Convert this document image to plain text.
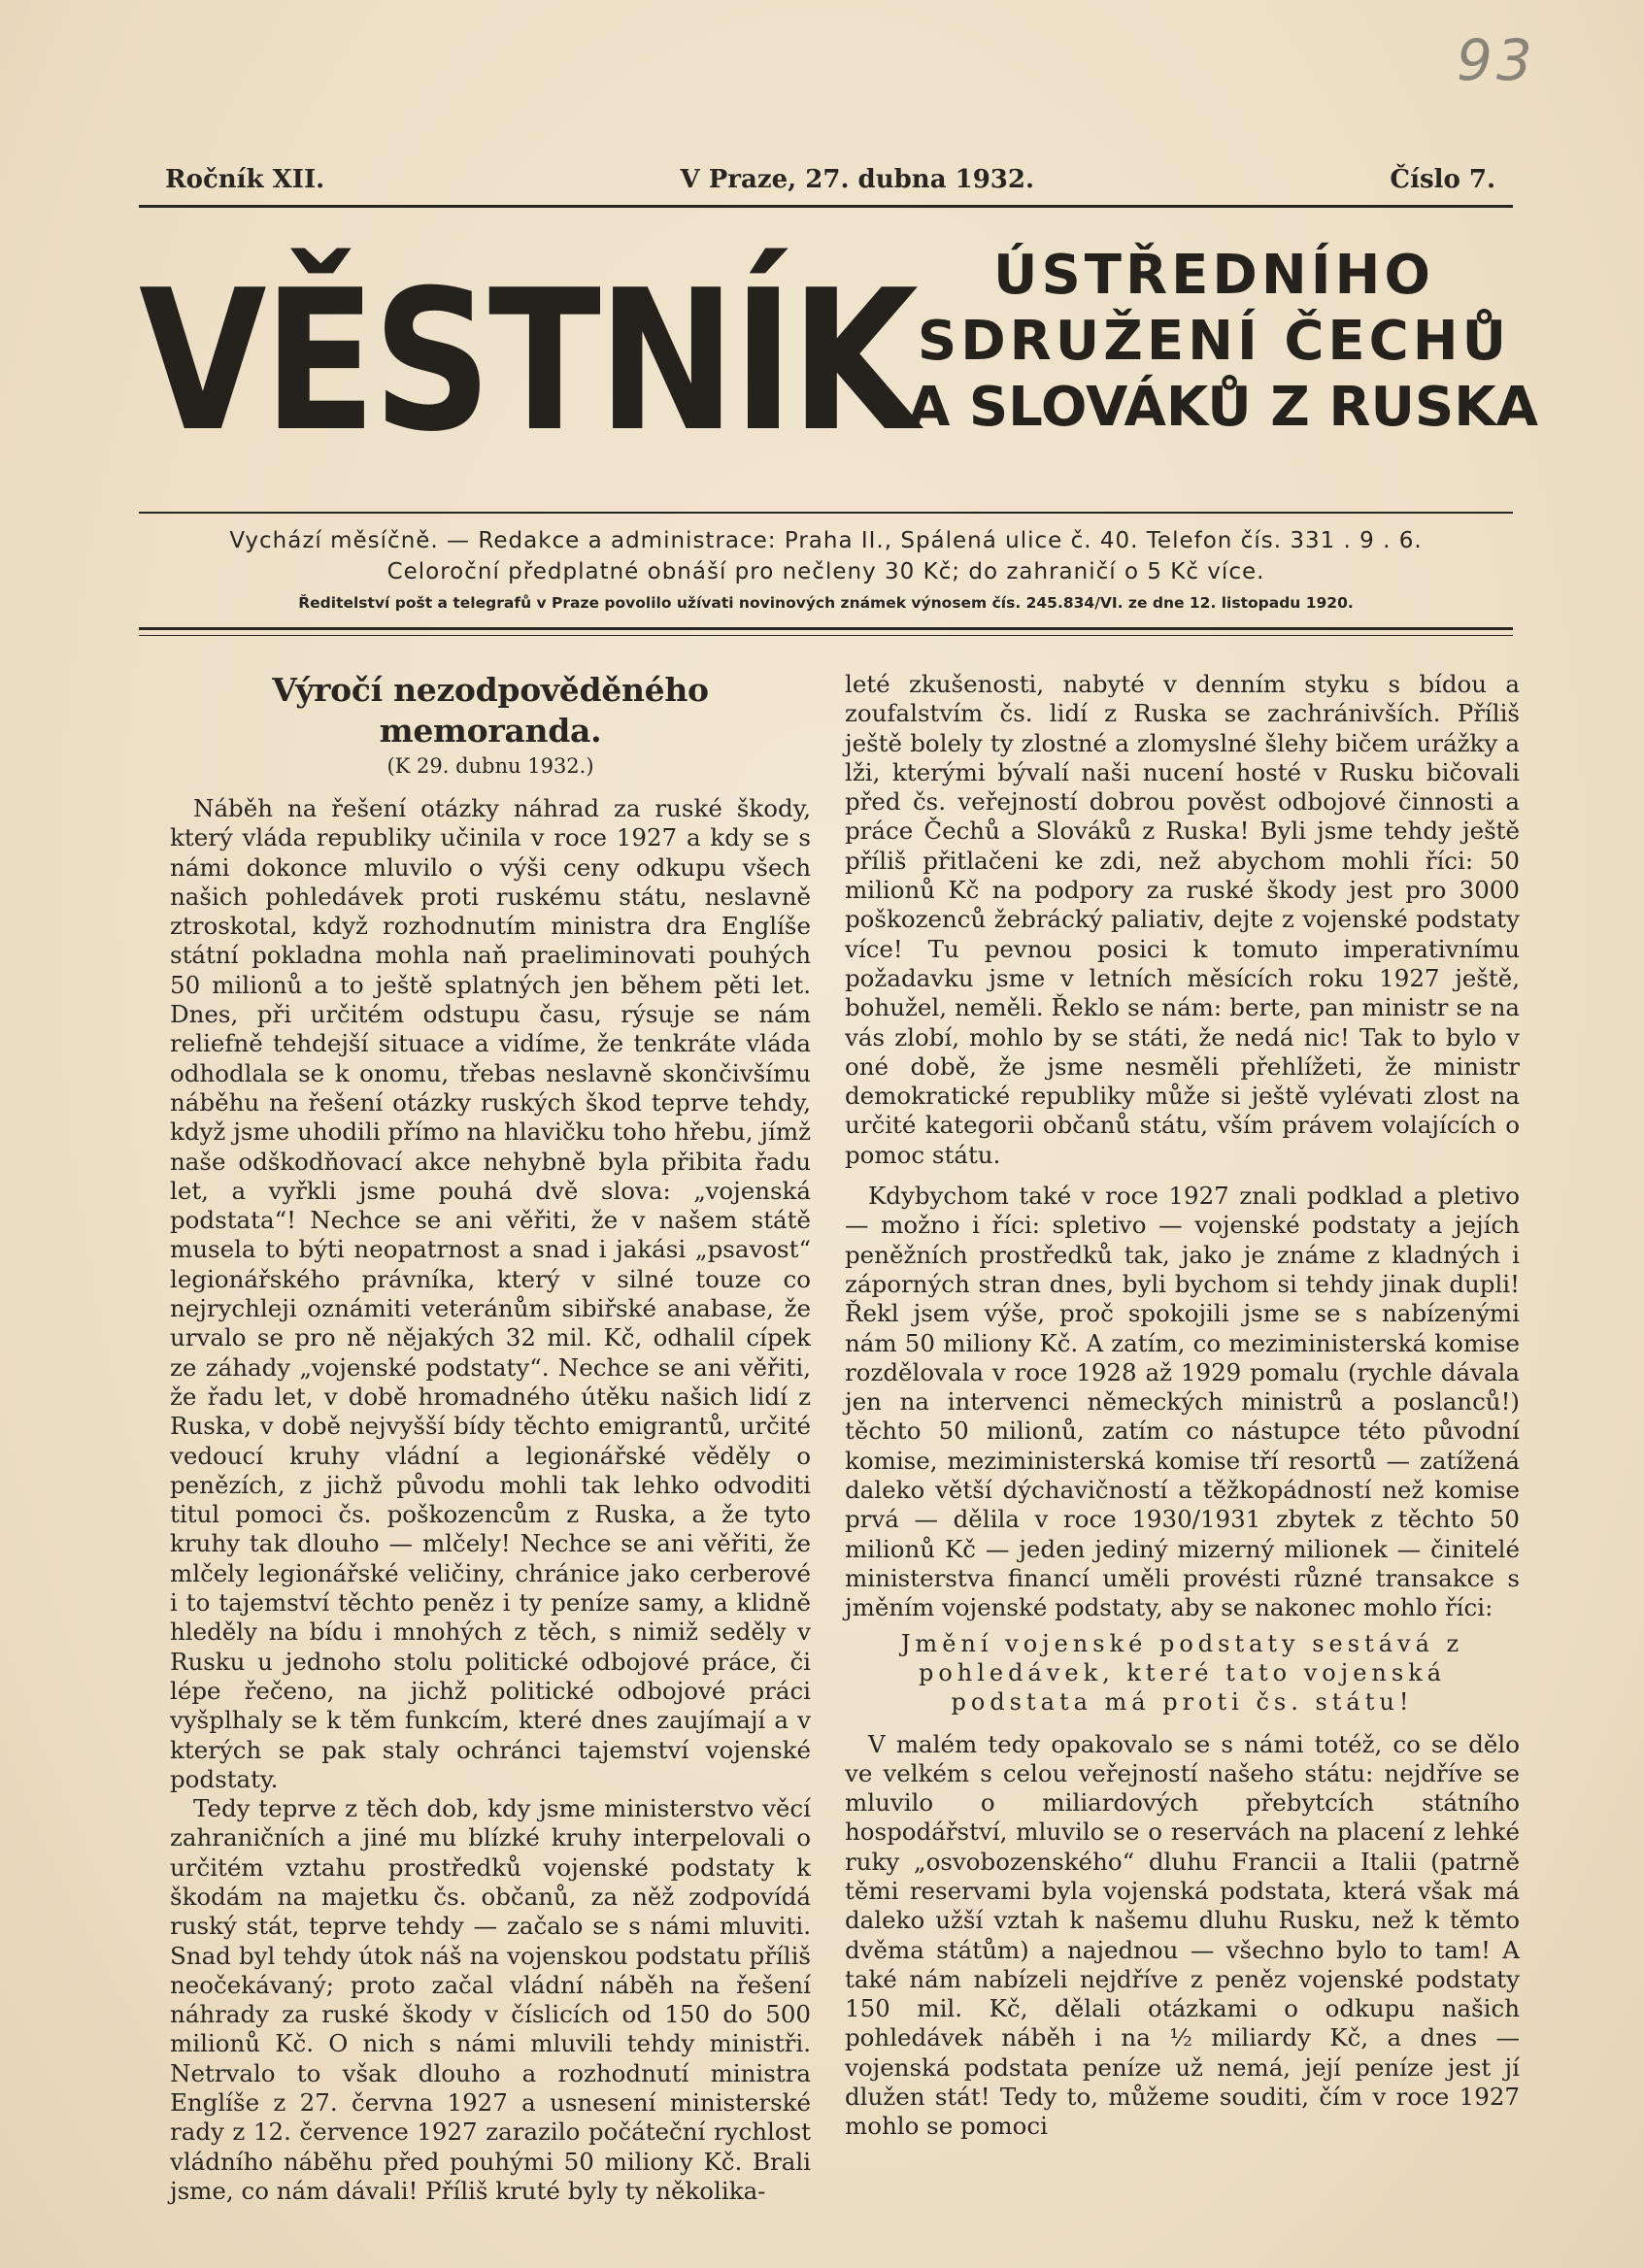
93
Ročník XII.	V Praze, 27. dubna 1932.	Číslo 7.
VĚSTNÍK	ÚSTŘEDNÍHO
SDRUŽENÍ ČECHŮ
A SLOVÁKŮ Z RUSKA
Vychází měsíčně. — Redakce a administrace: Praha II., Spálená ulice č. 40. Telefon čís. 331 . 9 . 6.
Celoroční předplatné obnáší pro nečleny 30 Kč; do zahraničí o 5 Kč více.
Ředitelství pošt a telegrafů v Praze povolilo užívati novinových známek výnosem čís. 245.834/VI. ze dne 12. listopadu 1920.
Výročí nezodpověděného memoranda.
(K 29. dubnu 1932.)

Náběh na řešení otázky náhrad za ruské škody, který vláda republiky učinila v roce 1927 a kdy se s námi dokonce mluvilo o výši ceny odkupu všech našich pohledávek proti ruskému státu, neslavně ztroskotal, když rozhodnutím ministra dra Englíše státní pokladna mohla naň praeliminovati pouhých 50 milionů a to ještě splatných jen během pěti let. Dnes, při určitém odstupu času, rýsuje se nám reliefně tehdejší situace a vidíme, že tenkráte vláda odhodlala se k onomu, třebas neslavně skončivšímu náběhu na řešení otázky ruských škod teprve tehdy, když jsme uhodili přímo na hlavičku toho hřebu, jímž naše odškodňovací akce nehybně byla přibita řadu let, a vyřkli jsme pouhá dvě slova: „vojenská podstata“! Nechce se ani věřiti, že v našem státě musela to býti neopatrnost a snad i jakási „psavost“ legionářského právníka, který v silné touze co nejrychleji oznámiti veteránům sibiřské anabase, že urvalo se pro ně nějakých 32 mil. Kč, odhalil cípek ze záhady „vojenské podstaty“. Nechce se ani věřiti, že řadu let, v době hromadného útěku našich lidí z Ruska, v době nejvyšší bídy těchto emigrantů, určité vedoucí kruhy vládní a legionářské věděly o penězích, z jichž původu mohli tak lehko odvoditi titul pomoci čs. poškozencům z Ruska, a že tyto kruhy tak dlouho — mlčely! Nechce se ani věřiti, že mlčely legionářské veličiny, chránice jako cerberové i to tajemství těchto peněz i ty peníze samy, a klidně hleděly na bídu i mnohých z těch, s nimiž seděly v Rusku u jednoho stolu politické odbojové práce, či lépe řečeno, na jichž politické odbojové práci vyšplhaly se k těm funkcím, které dnes zaujímají a v kterých se pak staly ochránci tajemství vojenské podstaty.

Tedy teprve z těch dob, kdy jsme ministerstvo věcí zahraničních a jiné mu blízké kruhy interpelovali o určitém vztahu prostředků vojenské podstaty k škodám na majetku čs. občanů, za něž zodpovídá ruský stát, teprve tehdy — začalo se s námi mluviti. Snad byl tehdy útok náš na vojenskou podstatu příliš neočekávaný; proto začal vládní náběh na řešení náhrady za ruské škody v číslicích od 150 do 500 milionů Kč. O nich s námi mluvili tehdy ministři. Netrvalo to však dlouho a rozhodnutí ministra Englíše z 27. června 1927 a usnesení ministerské rady z 12. července 1927 zarazilo počáteční rychlost vládního náběhu před pouhými 50 miliony Kč. Brali jsme, co nám dávali! Příliš kruté byly ty několika-

leté zkušenosti, nabyté v denním styku s bídou a zoufalstvím čs. lidí z Ruska se zachránivších. Příliš ještě bolely ty zlostné a zlomyslné šlehy bičem urážky a lži, kterými bývalí naši nucení hosté v Rusku bičovali před čs. veřejností dobrou pověst odbojové činnosti a práce Čechů a Slováků z Ruska! Byli jsme tehdy ještě příliš přitlačeni ke zdi, než abychom mohli říci: 50 milionů Kč na podpory za ruské škody jest pro 3000 poškozenců žebrácký paliativ, dejte z vojenské podstaty více! Tu pevnou posici k tomuto imperativnímu požadavku jsme v letních měsících roku 1927 ještě, bohužel, neměli. Řeklo se nám: berte, pan ministr se na vás zlobí, mohlo by se státi, že nedá nic! Tak to bylo v oné době, že jsme nesměli přehlížeti, že ministr demokratické republiky může si ještě vylévati zlost na určité kategorii občanů státu, vším právem volajících o pomoc státu.

Kdybychom také v roce 1927 znali podklad a pletivo — možno i říci: spletivo — vojenské podstaty a jejích peněžních prostředků tak, jako je známe z kladných i záporných stran dnes, byli bychom si tehdy jinak dupli! Řekl jsem výše, proč spokojili jsme se s nabízenými nám 50 miliony Kč. A zatím, co meziministerská komise rozdělovala v roce 1928 až 1929 pomalu (rychle dávala jen na intervenci německých ministrů a poslanců!) těchto 50 milionů, zatím co nástupce této původní komise, meziministerská komise tří resortů — zatížená daleko větší dýchavičností a těžkopádností než komise prvá — dělila v roce 1930/1931 zbytek z těchto 50 milionů Kč — jeden jediný mizerný milionek — činitelé ministerstva financí uměli provésti různé transakce s jměním vojenské podstaty, aby se nakonec mohlo říci:

Jmění vojenské podstaty sestává z pohledávek, které tato vojenská podstata má proti čs. státu!

V malém tedy opakovalo se s námi totéž, co se dělo ve velkém s celou veřejností našeho státu: nejdříve se mluvilo o miliardových přebytcích státního hospodářství, mluvilo se o reservách na placení z lehké ruky „osvobozenského“ dluhu Francii a Italii (patrně těmi reservami byla vojenská podstata, která však má daleko užší vztah k našemu dluhu Rusku, než k těmto dvěma státům) a najednou — všechno bylo to tam! A také nám nabízeli nejdříve z peněz vojenské podstaty 150 mil. Kč, dělali otázkami o odkupu našich pohledávek náběh i na ½ miliardy Kč, a dnes — vojenská podstata peníze už nemá, její peníze jest jí dlužen stát! Tedy to, můžeme souditi, čím v roce 1927 mohlo se pomoci
